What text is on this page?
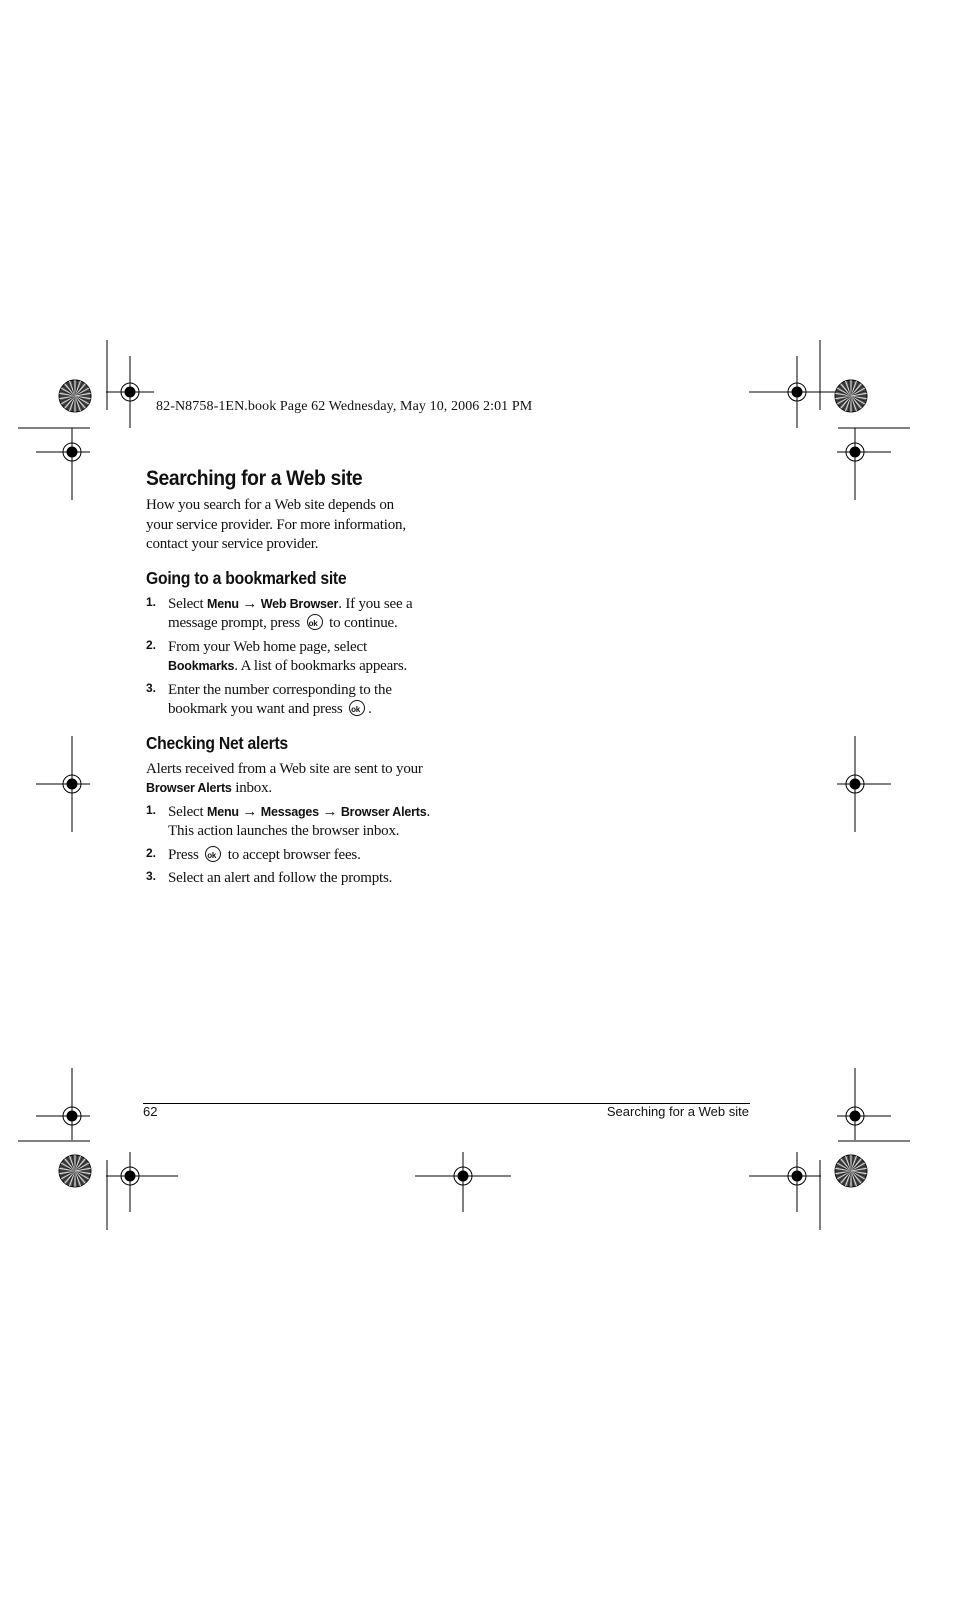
82-N8758-1EN.book Page 62 Wednesday, May 10, 2006 2:01 PM
Searching for a Web site

How you search for a Web site depends on

your service provider. For more information,

contact your service provider.

Going to a bookmarked site
1. Select Menu → Web Browser. If you see a

message prompt, press ok to continue.

2. From your Web home page, select

Bookmarks. A list of bookmarks appears.

3. Enter the number corresponding to the

bookmark you want and press ok.

Checking Net alerts

Alerts received from a Web site are sent to your

Browser Alerts inbox.

1. Select Menu → Messages → Browser Alerts.

This action launches the browser inbox.

2. Press ok to accept browser fees.

3. Select an alert and follow the prompts.

62	Searching for a Web site
